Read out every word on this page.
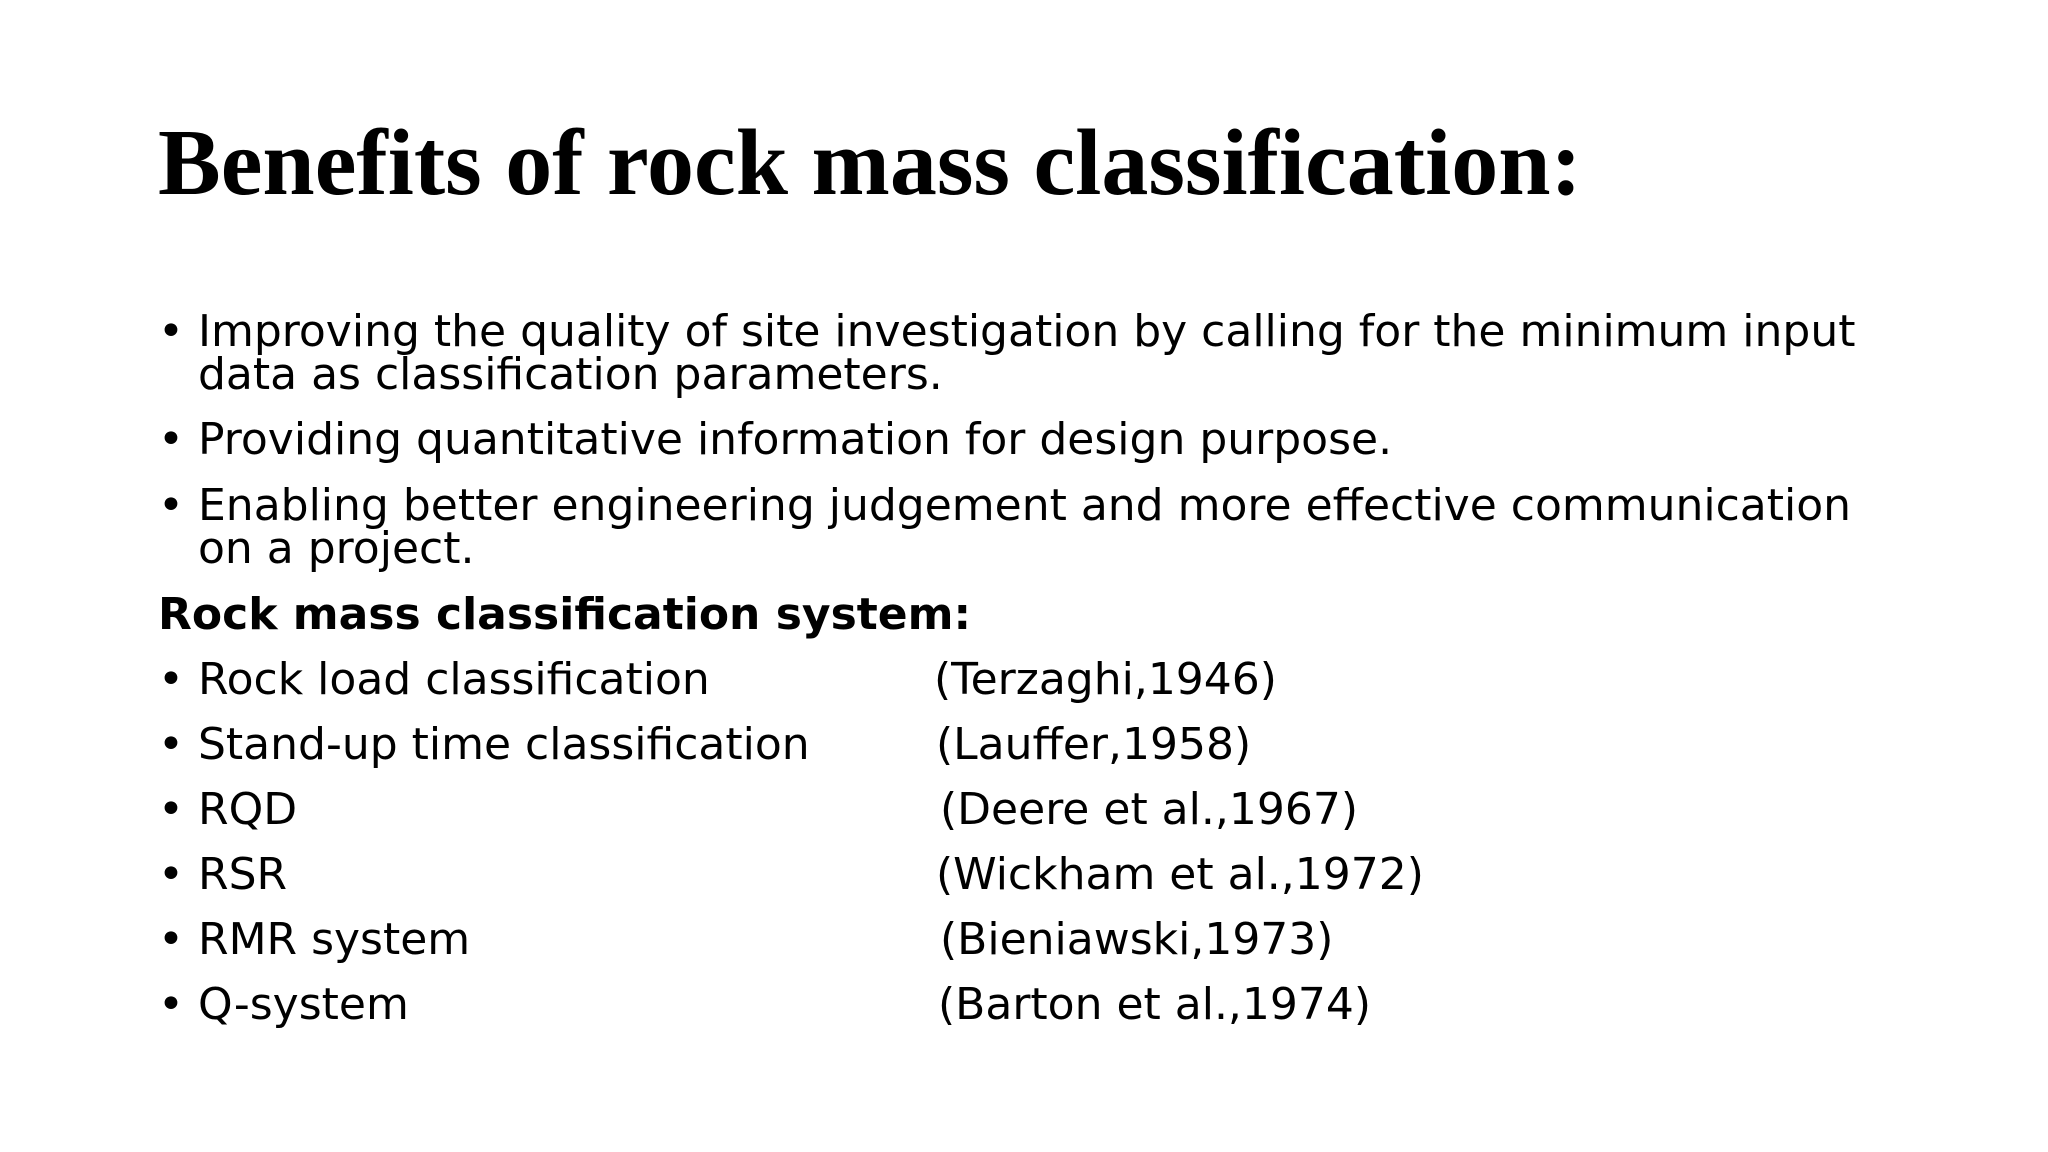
Benefits of rock mass classification:
• Improving the quality of site investigation by calling for the minimum input data as classification parameters.
• Providing quantitative information for design purpose.
• Enabling better engineering judgement and more effective communication on a project.
Rock mass classification system:
• Rock load classification	(Terzaghi,1946)
• Stand-up time classification	(Lauffer,1958)
• RQD	(Deere et al.,1967)
• RSR	(Wickham et al.,1972)
• RMR system	(Bieniawski,1973)
• Q-system	(Barton et al.,1974)
